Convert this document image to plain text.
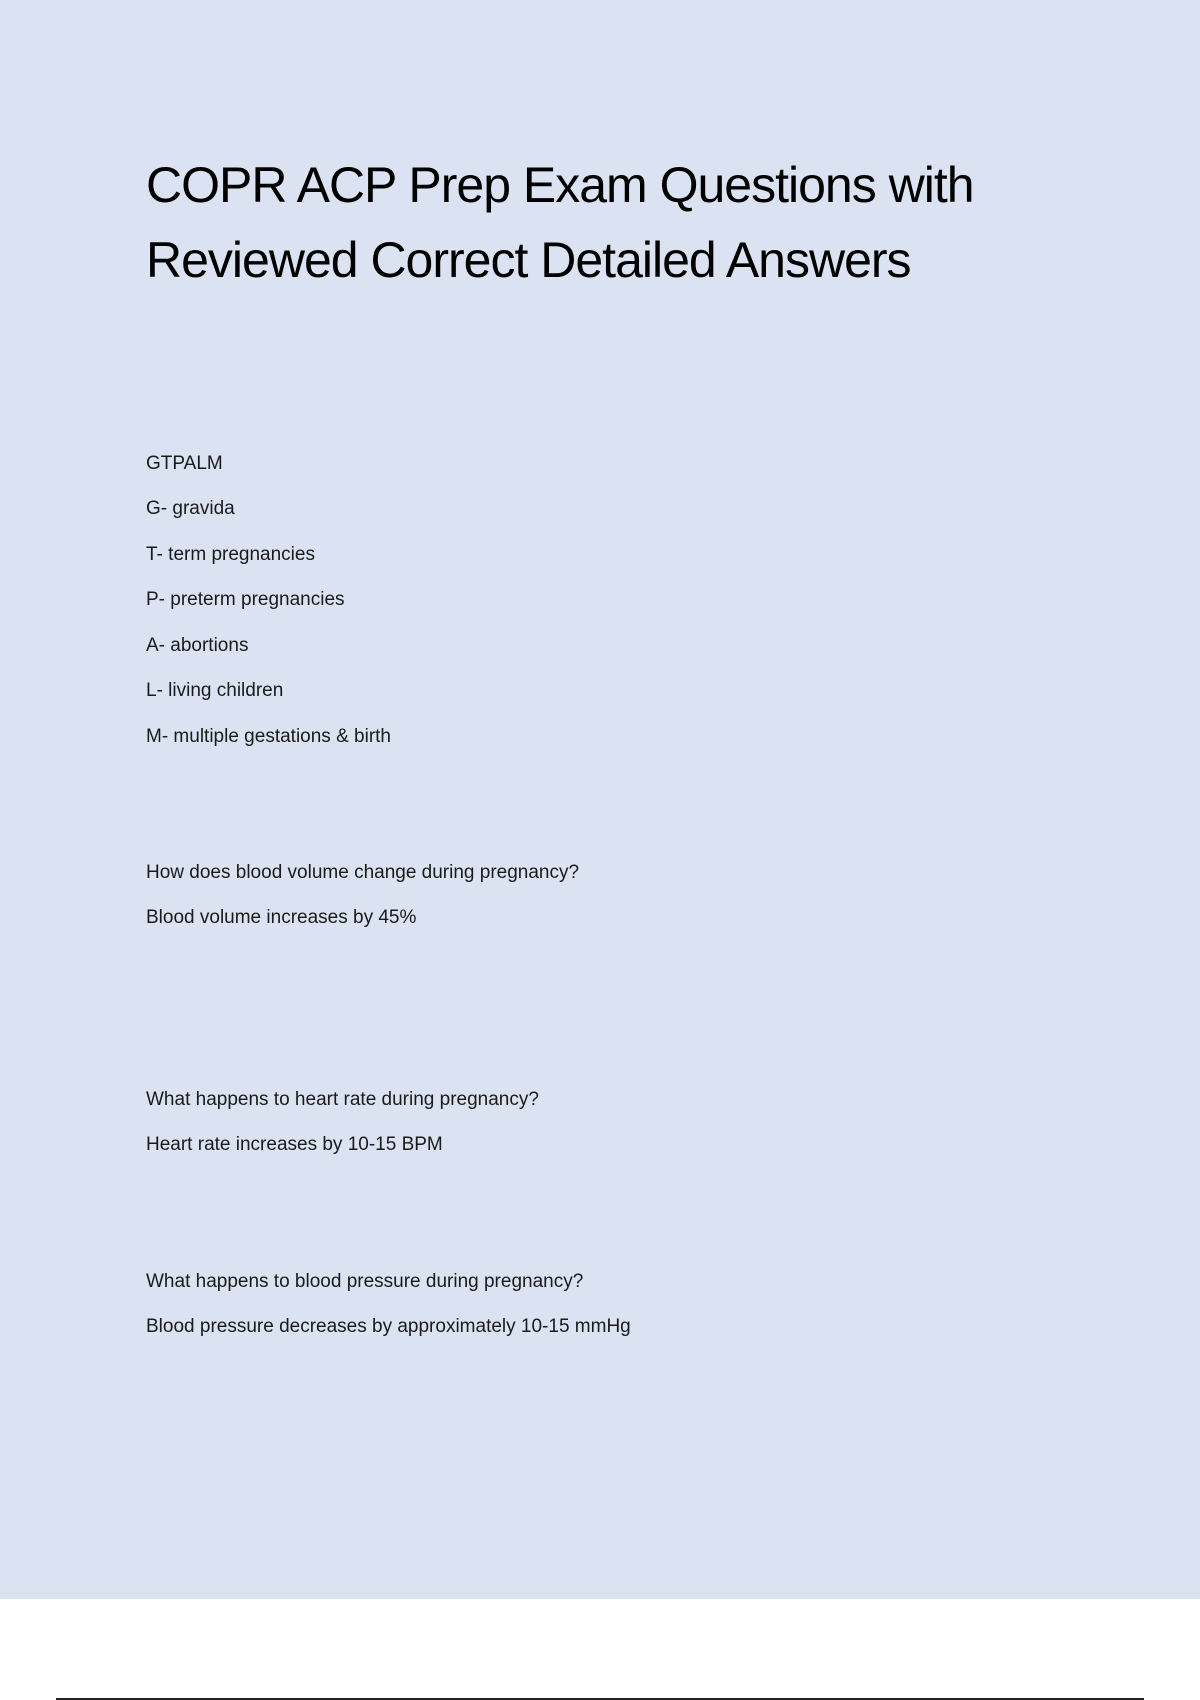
COPR ACP Prep Exam Questions with
Reviewed Correct Detailed Answers

GTPALM

G- gravida

T- term pregnancies

P- preterm pregnancies

A- abortions

L- living children

M- multiple gestations & birth

How does blood volume change during pregnancy?

Blood volume increases by 45%

What happens to heart rate during pregnancy?

Heart rate increases by 10-15 BPM

What happens to blood pressure during pregnancy?

Blood pressure decreases by approximately 10-15 mmHg
